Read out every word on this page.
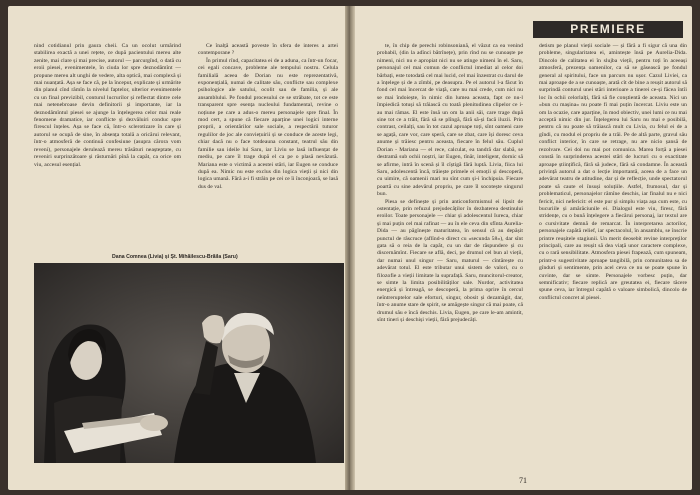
nind cotidianul prin gaura cheii. Ca un ocolut urmărind stabilirea exactă a unei rețete, ce după pacientului mereu alte zenite, mai clare și mai precise, autorul — parcurgînd, o dată cu eroii piesei, evenimentele, în ciuda lor spre deznodămînt — propune mereu alt unghi de vedere, alta optică, mai complexă și mai nuanțată. Așa se face că, pe la început, explicate și urmărite din planul cînd rămîn la nivelul faptelor, ulterior evenimentele cu un final previzibil, conturul lucrurilor și reflectat dintre cele mai netenebroase devin definitorii și importante, iar la deznodămîntul piesei se ajunge la înțelegerea celor mai reale fenomene dramatice, iar conflicte și dezvăluiri conduc spre firescul înțeles. Așa se face că, într-o sclerotizare în care și autorul se ocupă de sine, în absența totală a oricărui relevant, într-o atmosferă de continuă confesiune (asupra cărora vom reveni), personajele derulează mereu trăsături neașteptate, cu reveniri surprinzătoare și răsturnări pînă la capăt, ca orice om viu, accesul esențial.

Ce înalță această poveste în sfera de interes a artei contemporane ?

În primul rînd, capacitatea ei de a aduna, ca într-un focar, cei egali concave, probleme ale tempului nostru. Celula familială aceea de Dorian nu este reprezentativă, exponențială, numai de calitate său, conflicte sau complexe psihologice ale satului, ocolit sau de familia, și ale ansamblului. Pe fondul procesului ce se străbate, tot ce este transparent spre esența nucleului fundamental, revine o noțiune pe care a adus-o mereu personajele spre final. În mod cert, a spune că fiecare aparține unei logici interne proprii, a orientărilor sale sociale, a respectării tuturor regulilor de joc ale conviețuirii și se conduce de aceste legi, chiar dacă nu o face totdeauna constant, teatrul său din familie sau ideile lui Saru, iar Liviu se lasă influențat de mediu, pe care îl trage după el ca pe o plasă nevăzută. Mariana este o victimă a acestei stări, iar Eugen se conduce după ea. Nimic nu este exclus din logica vieții și nici din logica umană. Fără a-i fi străin pe cei ce îi înconjoară, se lasă dus de val.

Dana Comnea (Livia) și Șt. Mihăilescu-Brăila (Saru)
PREMIERE

te, în chip de perechi robinsoniană, el văzut ca ea venind probabil, (din la adînci bătrînețe), prin rînd nu se cunoaște pe nimeni, nici nu e apropiat nici nu se atinge nimeni în el. Saru, personajul cel mai comun de conflictul imediat al celor doi bărbați, este totodată cel mai lucid, cel mai înzestrat cu darul de a înțelege și de a zîmbi, pe deasupra. Pe el autorul l-a făcut în fond cel mai încercat de viață, care nu mai crede, cum nici nu se mai îndoiește, în nimic din lumea aceasta, fapt ce nu-l împiedică totuși să trăiască cu toată plenitudinea clipelor ce i-au mai rămas. El este însă un om la anii săi, care trage după sine tot ce a trăit, fără să se plîngă, fără să-și facă iluzii. Prin contrast, ceilalți, sau în tot cazul aproape toți, sînt oameni care se agață, care vor, care speră, care se zbat, care își doresc ceva anume și trăiesc pentru aceasta, fiecare în felul său. Cuplul Dorian - Mariana — el rece, calculat, ea tandră dar slabă, se destramă sub ochii noștri, iar Eugen, tînăr, inteligent, dornic să se afirme, intră în scenă și îl cîștigă fără luptă. Livia, fiica lui Saru, adolescentă încă, trăiește primele ei emoții și descoperă, cu uimire, că oamenii mari nu sînt cum și-i închipuia. Fiecare poartă cu sine adevărul propriu, pe care îl socotește singurul bun.

Piesa se definește și prin anticonformismul ei lipsit de ostentație, prin refuzul prejudecăților în dezbaterea destinului eroilor. Toate personajele — chiar și adolescentul Iureca, chiar și mai puțin cel mai rafinat — au în ele ceva din sfînta Aurelia-Dida — au păgînește maturitatea, în sensul că au depășit punctul de răscruce (aflînd-o direct cu «secunda 58»), dar sînt gata să o reia de la capăt, cu un dar de răspundere și cu discernămînt. Fiecare se află, deci, pe drumul cel bun al vieții, dar numai unul singur — Saru, maturul — cîntărește cu adevărat totul. El este tributar unui sistem de valori, cu o filozofie a vieții limitate la suprafață. Saru, muncitorul-creator, se simte la limita posibilităților sale. Nurdor, activitatea energică și întreagă, se descoperă, la prima oprire în cercul neîntreruptelor sale eforturi, singur, obosit și dezamăgit, dar, într-o anume stare de spirit, se amăgește singur că mai poate, că drumul său e încă deschis. Livia, Eugen, pe care le-am amintit, sînt tineri și deschiși vieții, fără prejudecăți.

detism pe planul vieții sociale — și fără a fi sigur că una din probleme, singularitatea ei, amintește însă pe Aurelia-Dida. Dincolo de calitatea ei în slujba vieții, pentru toți în aceeași atmosferă, prezența oamenilor, ca să se găsească pe fondul general al spiritului, face un parcurs nu ușor. Cazul Liviei, ca mai aproape de a se cunoaște, arată cît de bine a reușit autorul să surprindă conturul unei stări interioare a tinerei ce-și făcea întîi loc în ochii celorlalți, fără să fie conștientă de aceasta. Nici un «bun cu mașina» nu poate fi mai puțin încercat. Liviu este un om la ocazie, care aparține, în mod obiectiv, unei lumi ce nu mai acceptă nimic din jur. Înțelegerea lui Saru nu mai e posibilă, pentru că nu poate să trăiască mult cu Livia, cu felul ei de a gîndi, cu modul ei propriu de a trăi. Pe de altă parte, gravul său conflict interior, în care se retrage, nu are nicio șansă de rezolvare. Cei doi nu mai pot comunica. Marea forță a piesei constă în surprinderea acestei stări de lucruri cu o exactitate aproape științifică, fără să judece, fără să condamne. În această privință autorul a dat o lecție importantă, aceea de a face un adevărat teatru de atitudine, dar și de reflecție, unde spectatorul poate să caute el însuși soluțiile. Astfel, frumosul, dar și problematicul, personajelor rămîne deschis, iar finalul nu e nici fericit, nici nefericit: el este pur și simplu viața așa cum este, cu bucuriile și amărăciunile ei. Dialogul este viu, firesc, fără stridențe, cu o bună înțelegere a fiecărui personaj, iar textul are o cursivitate demnă de remarcat. În interpretarea actorilor, personajele capătă relief, iar spectacolul, în ansamblu, se înscrie printre reușitele stagiunii. Un merit deosebit revine interpreților principali, care au reușit să dea viață unor caractere complexe, cu o rară sensibilitate. Atmosfera piesei frapează, cum spuneam, printr-o sugestivitate aproape tangibilă, prin comunitatea sa de gînduri și sentimente, prin acel ceva ce nu se poate spune în cuvinte, dar se simte. Personajele vorbesc puțin, dar semnificativ; fiecare replică are greutatea ei, fiecare tăcere spune ceva, iar întregul capătă o valoare simbolică, dincolo de conflictul concret al piesei.
71
